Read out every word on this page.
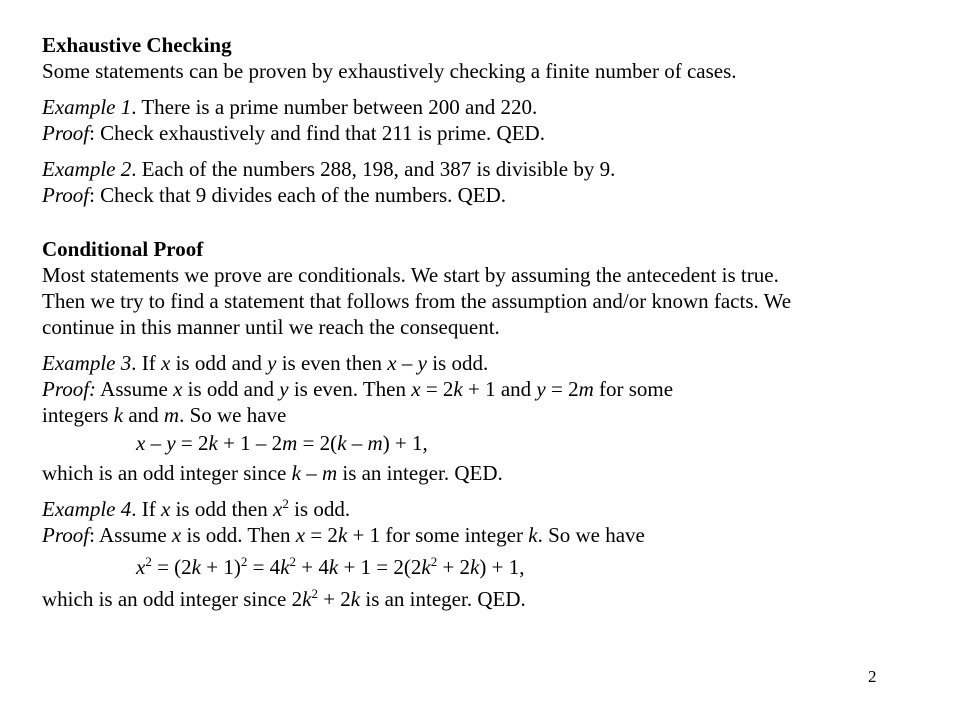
Exhaustive Checking

Some statements can be proven by exhaustively checking a finite number of cases.

Example 1. There is a prime number between 200 and 220.

Proof: Check exhaustively and find that 211 is prime. QED.

Example 2. Each of the numbers 288, 198, and 387 is divisible by 9.

Proof: Check that 9 divides each of the numbers. QED.

Conditional Proof

Most statements we prove are conditionals. We start by assuming the antecedent is true.

Then we try to find a statement that follows from the assumption and/or known facts. We

continue in this manner until we reach the consequent.

Example 3. If x is odd and y is even then x – y is odd.

Proof: Assume x is odd and y is even. Then x = 2k + 1 and y = 2m for some

integers k and m. So we have

x – y = 2k + 1 – 2m = 2(k – m) + 1,

which is an odd integer since k – m is an integer. QED.

Example 4. If x is odd then $x^2$ is odd.

Proof: Assume x is odd. Then x = 2k + 1 for some integer k. So we have

$x^2 = (2k + 1)^2 = 4k^2 + 4k + 1 = 2(2k^2 + 2k) + 1$,

which is an odd integer since $2k^2 + 2k$ is an integer. QED.

2
